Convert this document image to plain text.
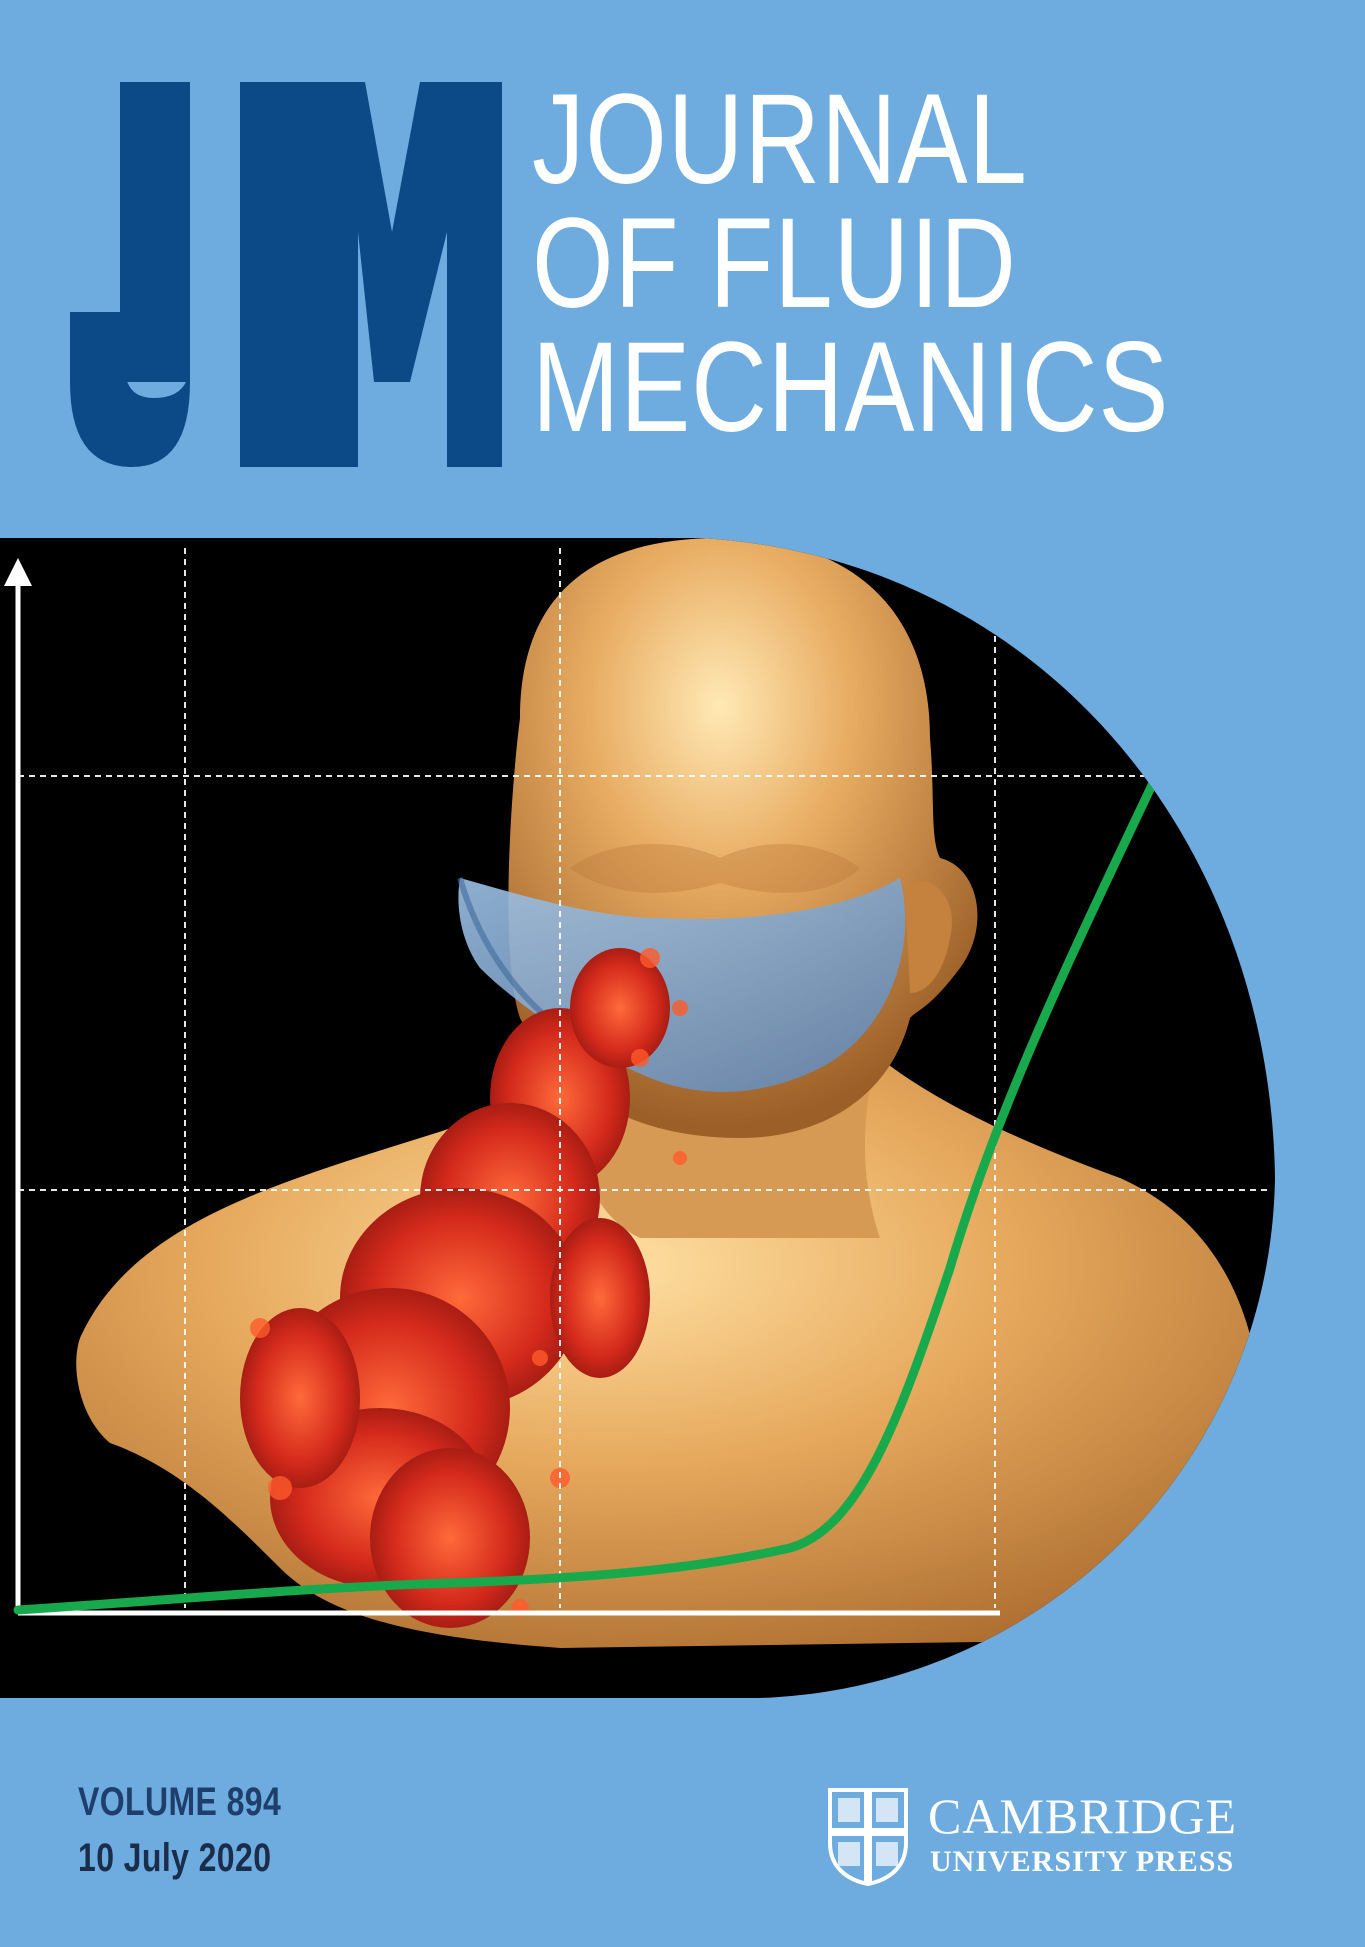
JOURNAL
OF FLUID
MECHANICS
VOLUME 894
10 July 2020
CAMBRIDGE
UNIVERSITY PRESS
